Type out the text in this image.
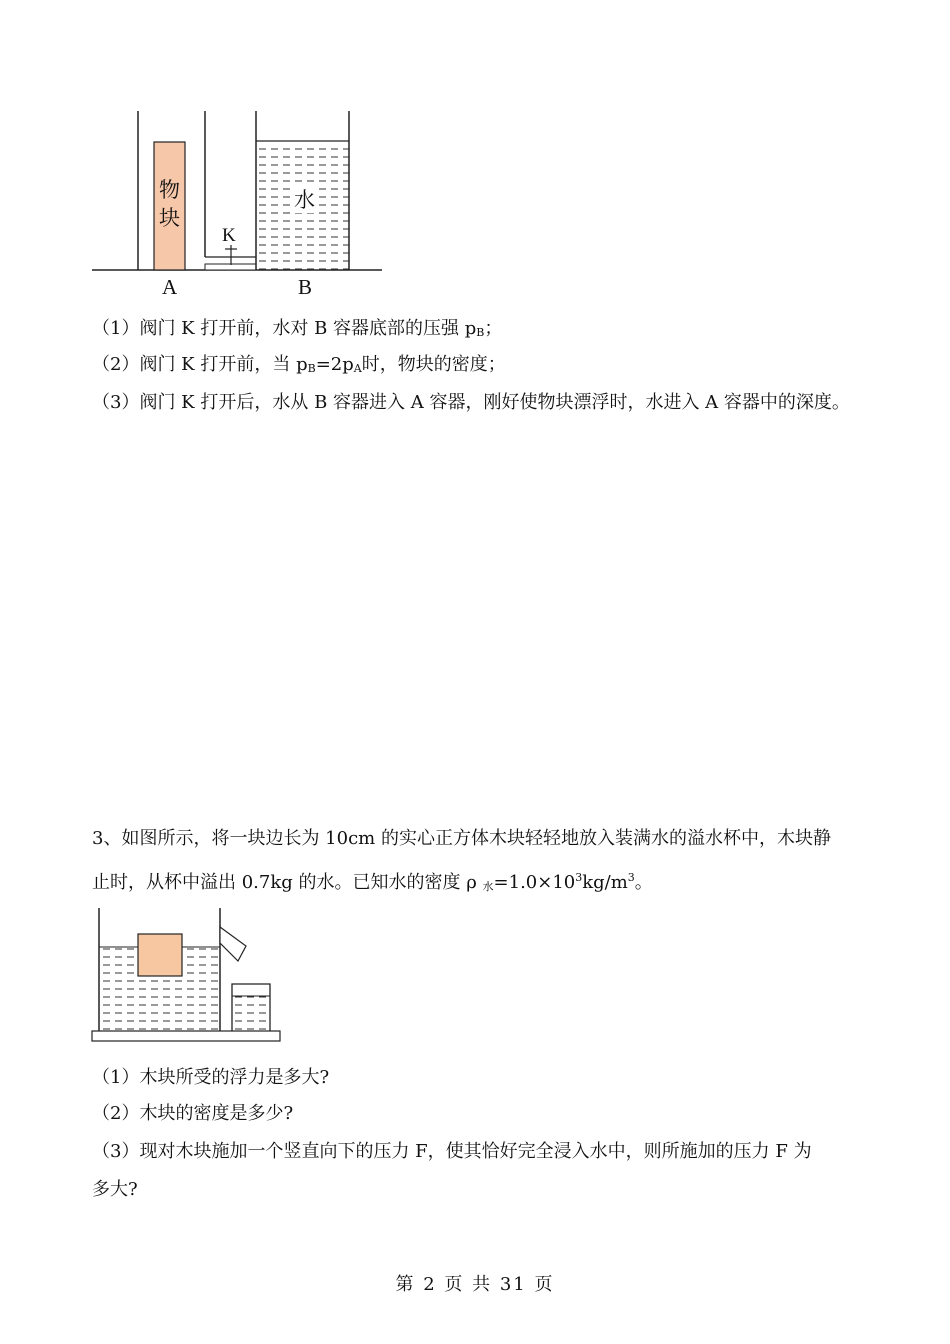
物
块
水
K
A	B
（1）阀门 K 打开前，水对 B 容器底部的压强 pB；
（2）阀门 K 打开前，当 pB=2pA时，物块的密度；
（3）阀门 K 打开后，水从 B 容器进入 A 容器，刚好使物块漂浮时，水进入 A 容器中的深度。
3、如图所示，将一块边长为 10cm 的实心正方体木块轻轻地放入装满水的溢水杯中，木块静
止时，从杯中溢出 0.7kg 的水。已知水的密度 ρ 水$=1.0\times 10^3kg/m^3$。
（1）木块所受的浮力是多大?
（2）木块的密度是多少?
（3）现对木块施加一个竖直向下的压力 F，使其恰好完全浸入水中，则所施加的压力 F 为
多大?
第 2 页 共 31 页
